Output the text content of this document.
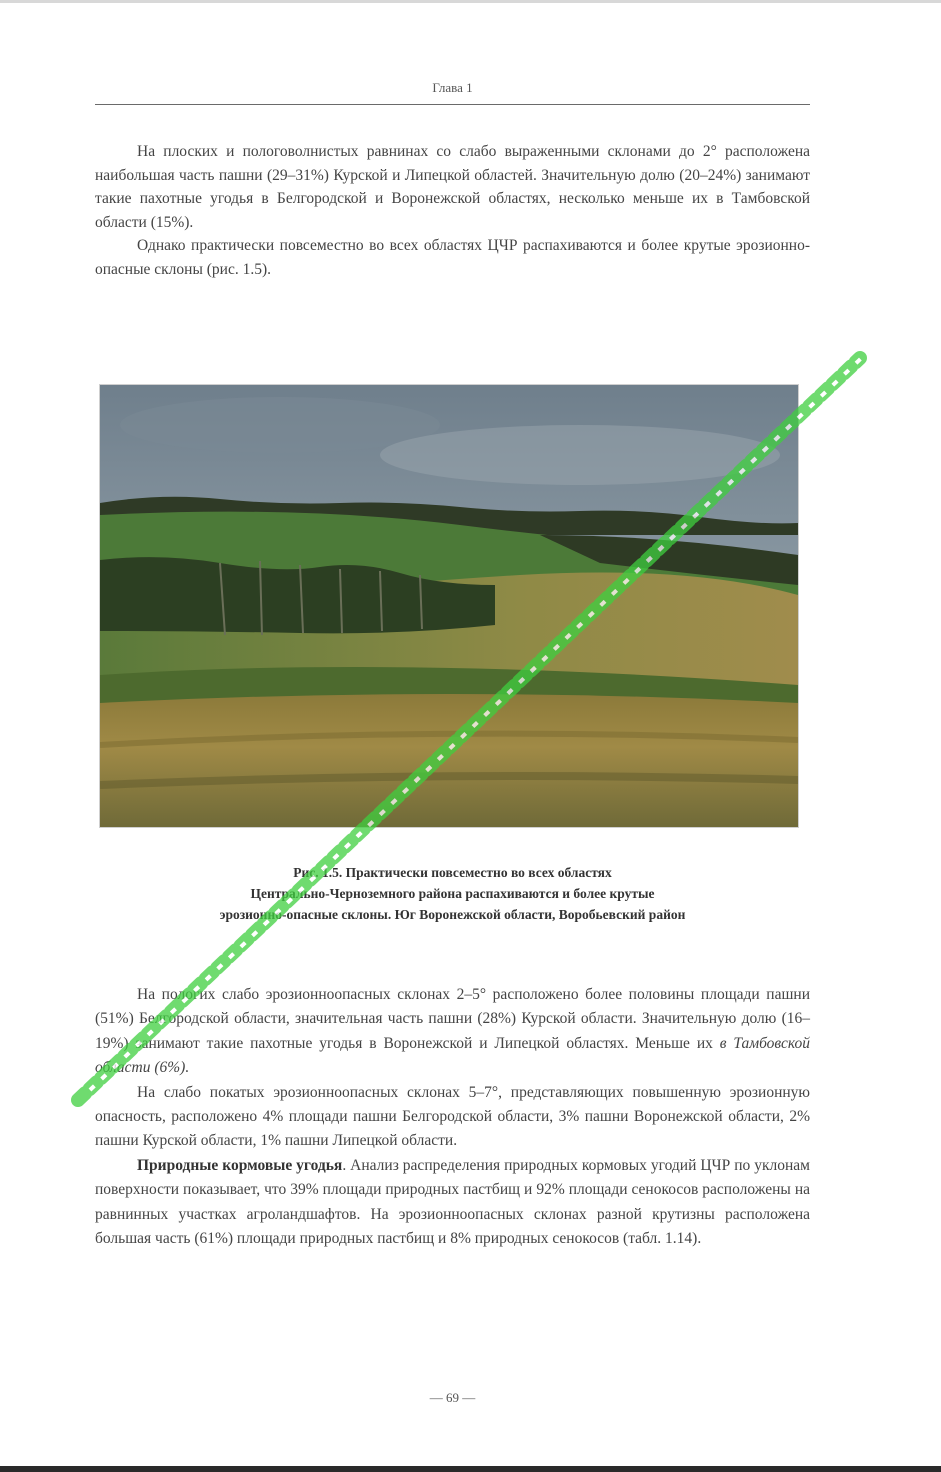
Глава 1

На плоских и пологоволнистых равнинах со слабо выраженными склонами до 2° расположена наибольшая часть пашни (29–31%) Курской и Липецкой областей. Значительную долю (20–24%) занимают такие пахотные угодья в Белгородской и Воронежской областях, несколько меньше их в Тамбовской области (15%).

Однако практически повсеместно во всех областях ЦЧР распахиваются и более крутые эрозионно-опасные склоны (рис. 1.5).

Рис. 1.5. Практически повсеместно во всех областях
Центрально-Черноземного района распахиваются и более крутые
эрозионно-опасные склоны. Юг Воронежской области, Воробьевский район

На пологих слабо эрозионноопасных склонах 2–5° расположено более половины площади пашни (51%) Белгородской области, значительная часть пашни (28%) Курской области. Значительную долю (16–19%) занимают такие пахотные угодья в Воронежской и Липецкой областях. Меньше их в Тамбовской области (6%).

На слабо покатых эрозионноопасных склонах 5–7°, представляющих повышенную эрозионную опасность, расположено 4% площади пашни Белгородской области, 3% пашни Воронежской области, 2% пашни Курской области, 1% пашни Липецкой области.

Природные кормовые угодья. Анализ распределения природных кормовых угодий ЦЧР по уклонам поверхности показывает, что 39% площади природных пастбищ и 92% площади сенокосов расположены на равнинных участках агроландшафтов. На эрозионноопасных склонах разной крутизны расположена большая часть (61%) площади природных пастбищ и 8% природных сенокосов (табл. 1.14).

— 69 —
